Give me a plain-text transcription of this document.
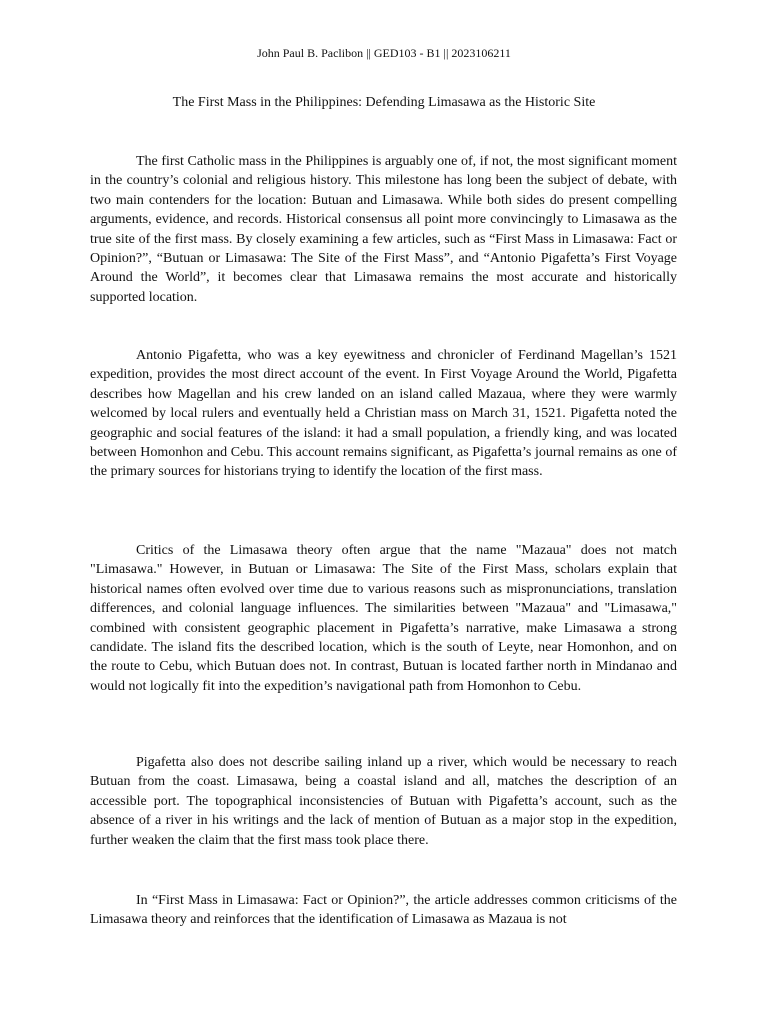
John Paul B. Paclibon || GED103 - B1 || 2023106211
The First Mass in the Philippines: Defending Limasawa as the Historic Site

The first Catholic mass in the Philippines is arguably one of, if not, the most significant moment in the country’s colonial and religious history. This milestone has long been the subject of debate, with two main contenders for the location: Butuan and Limasawa. While both sides do present compelling arguments, evidence, and records. Historical consensus all point more convincingly to Limasawa as the true site of the first mass. By closely examining a few articles, such as “First Mass in Limasawa: Fact or Opinion?”, “Butuan or Limasawa: The Site of the First Mass”, and “Antonio Pigafetta’s First Voyage Around the World”, it becomes clear that Limasawa remains the most accurate and historically supported location.

Antonio Pigafetta, who was a key eyewitness and chronicler of Ferdinand Magellan’s 1521 expedition, provides the most direct account of the event. In First Voyage Around the World, Pigafetta describes how Magellan and his crew landed on an island called Mazaua, where they were warmly welcomed by local rulers and eventually held a Christian mass on March 31, 1521. Pigafetta noted the geographic and social features of the island: it had a small population, a friendly king, and was located between Homonhon and Cebu. This account remains significant, as Pigafetta’s journal remains as one of the primary sources for historians trying to identify the location of the first mass.

Critics of the Limasawa theory often argue that the name "Mazaua" does not match "Limasawa." However, in Butuan or Limasawa: The Site of the First Mass, scholars explain that historical names often evolved over time due to various reasons such as mispronunciations, translation differences, and colonial language influences. The similarities between "Mazaua" and "Limasawa," combined with consistent geographic placement in Pigafetta’s narrative, make Limasawa a strong candidate. The island fits the described location, which is the south of Leyte, near Homonhon, and on the route to Cebu, which Butuan does not. In contrast, Butuan is located farther north in Mindanao and would not logically fit into the expedition’s navigational path from Homonhon to Cebu.

Pigafetta also does not describe sailing inland up a river, which would be necessary to reach Butuan from the coast. Limasawa, being a coastal island and all, matches the description of an accessible port. The topographical inconsistencies of Butuan with Pigafetta’s account, such as the absence of a river in his writings and the lack of mention of Butuan as a major stop in the expedition, further weaken the claim that the first mass took place there.

In “First Mass in Limasawa: Fact or Opinion?”, the article addresses common criticisms of the Limasawa theory and reinforces that the identification of Limasawa as Mazaua is not
